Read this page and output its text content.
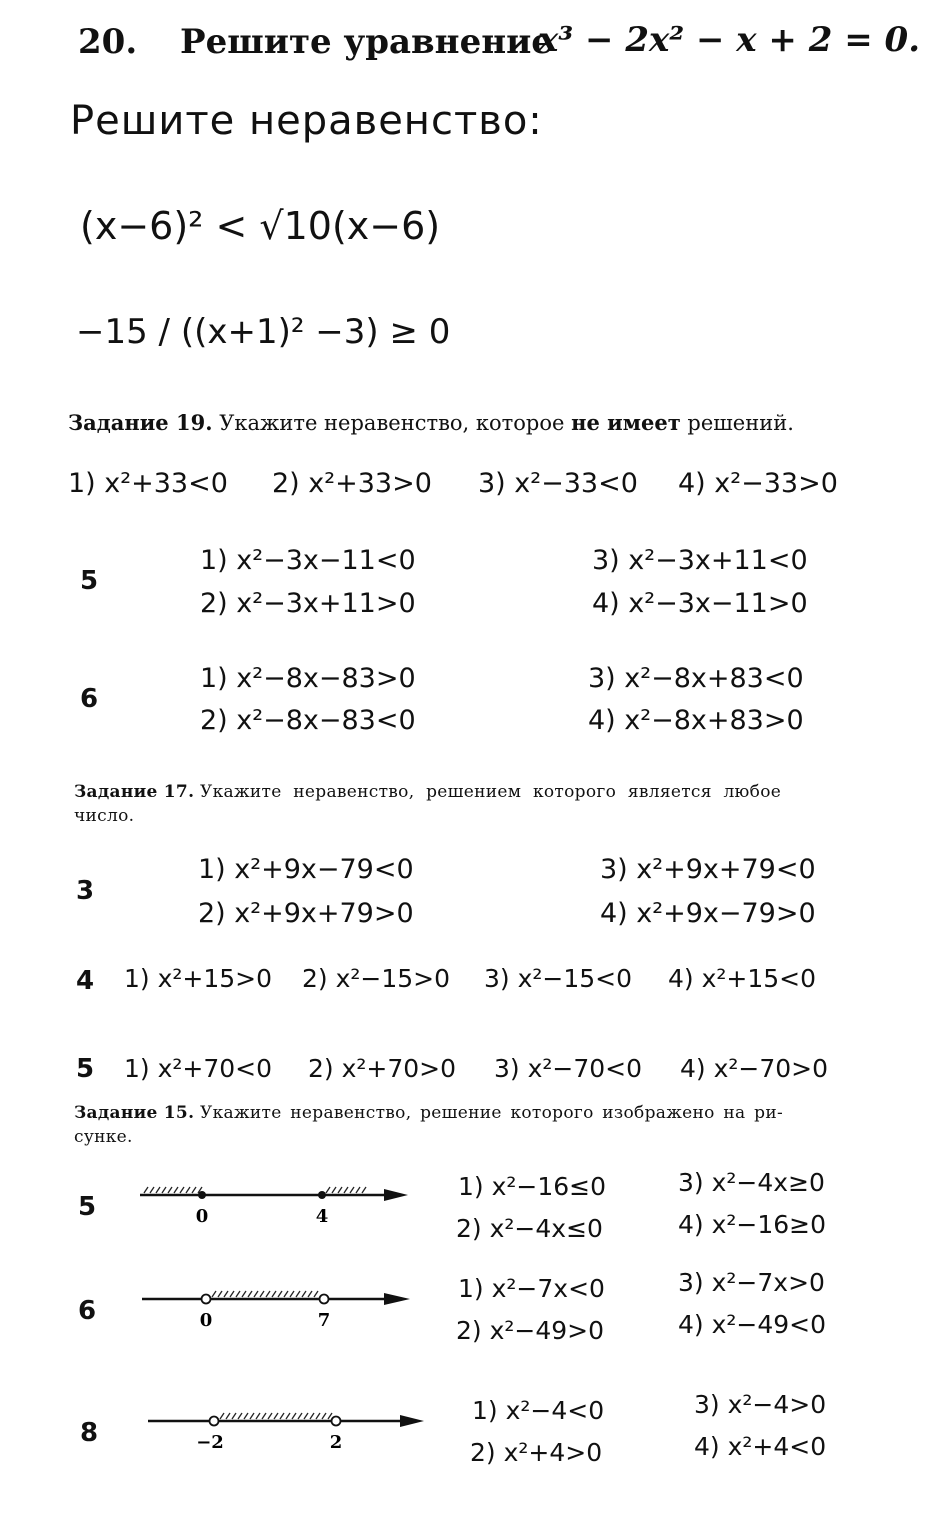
20. Решите уравнение
x³ − 2x² − x + 2 = 0.
Решите неравенство:
(x−6)² < √10(x−6)
−15 / ((x+1)² −3) ≥ 0
Задание 19. Укажите неравенство, которое не имеет решений.
1) x²+33<0 2) x²+33>0 3) x²−33<0 4) x²−33>0
5
1) x²−3x−11<0	3) x²−3x+11<0
2) x²−3x+11>0	4) x²−3x−11>0
6
1) x²−8x−83>0	3) x²−8x+83<0
2) x²−8x−83<0	4) x²−8x+83>0
Задание 17. Укажите неравенство, решением которого является любое
число.
3
1) x²+9x−79<0	3) x²+9x+79<0
2) x²+9x+79>0	4) x²+9x−79>0
4 1) x²+15>0 2) x²−15>0 3) x²−15<0 4) x²+15<0
5 1) x²+70<0 2) x²+70>0 3) x²−70<0 4) x²−70>0
Задание 15. Укажите неравенство, решение которого изображено на ри-
сунке.
5	0	4
1) x²−16≤0	3) x²−4x≥0
2) x²−4x≤0	4) x²−16≥0
6	0	7
1) x²−7x<0	3) x²−7x>0
2) x²−49>0	4) x²−49<0
8	−2	2
1) x²−4<0	3) x²−4>0
2) x²+4>0	4) x²+4<0
